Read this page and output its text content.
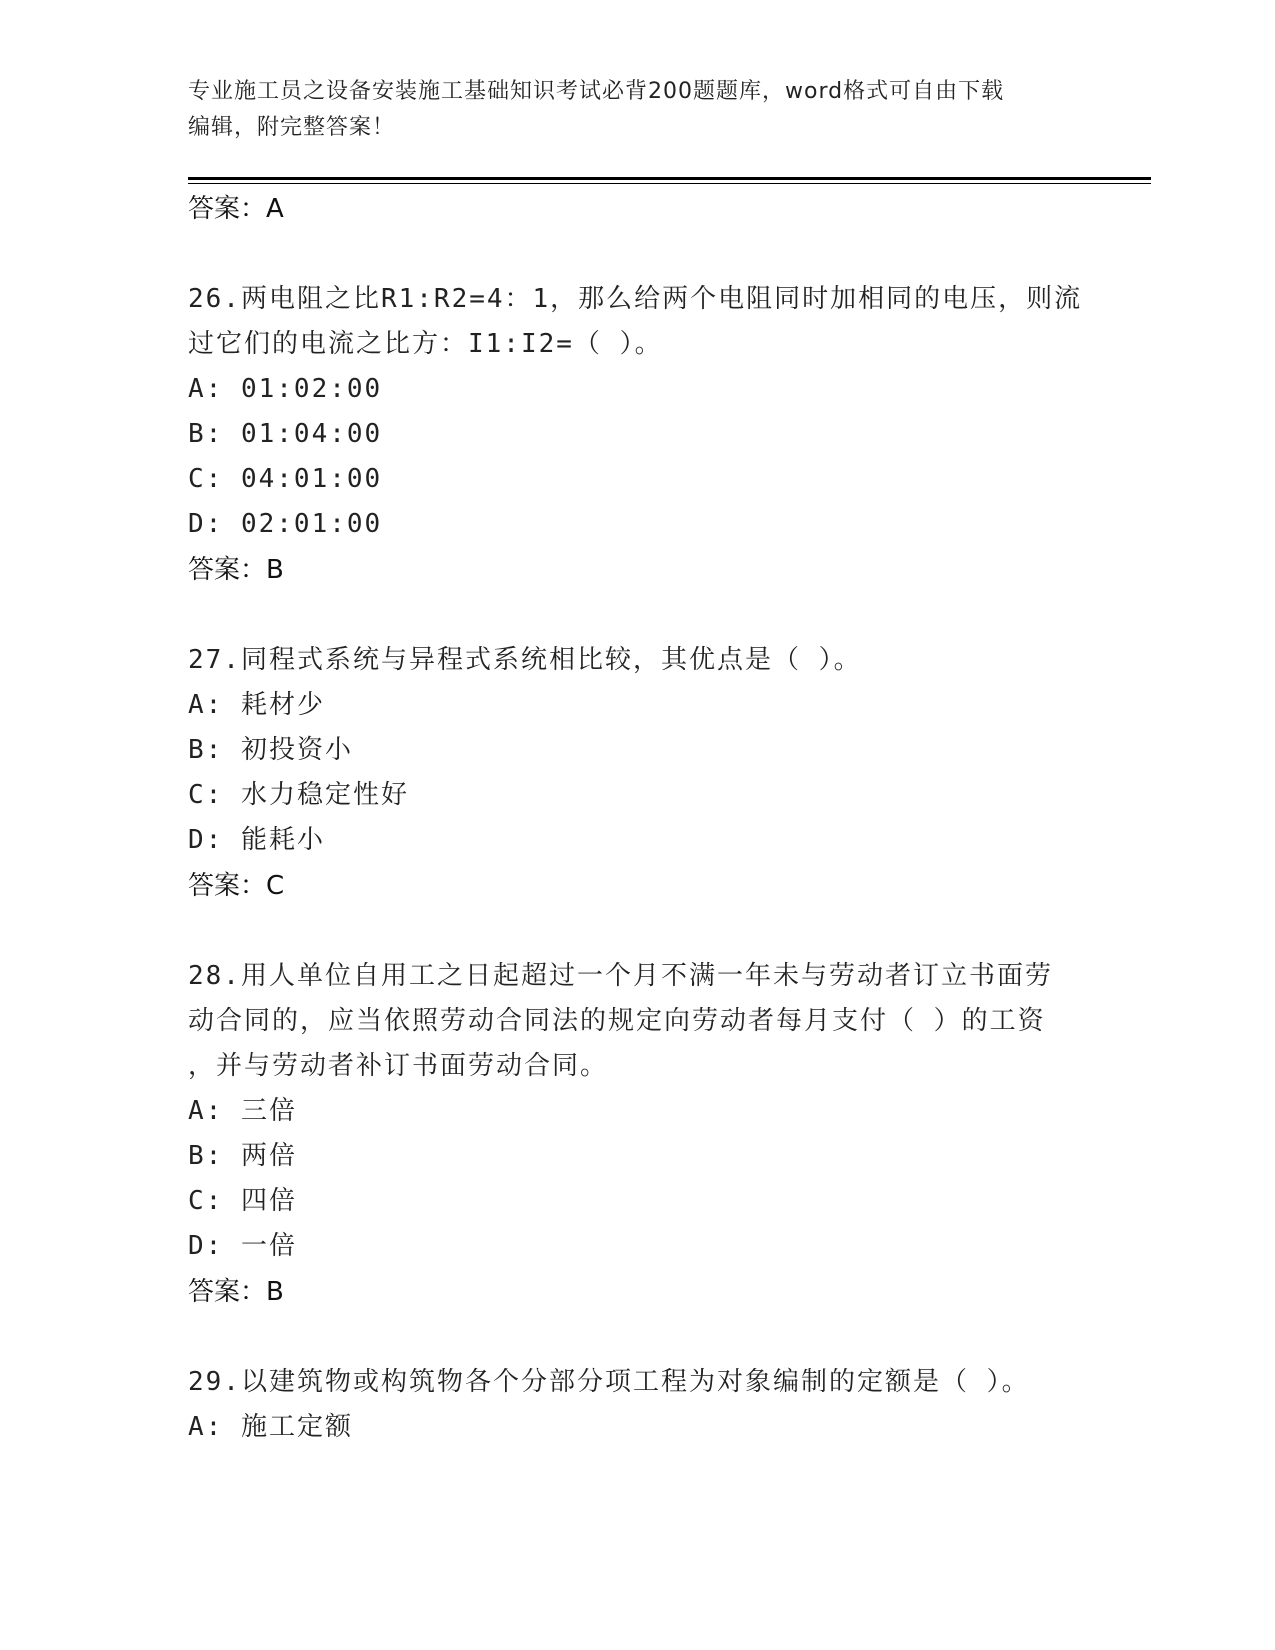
专业施工员之设备安装施工基础知识考试必背200题题库，word格式可自由下载
编辑，附完整答案！
答案：A
26.两电阻之比R1:R2=4：1，那么给两个电阻同时加相同的电压，则流
过它们的电流之比方：I1:I2=（ ）。
A: 01:02:00
B: 01:04:00
C: 04:01:00
D: 02:01:00
答案：B
27.同程式系统与异程式系统相比较，其优点是（ ）。
A: 耗材少
B: 初投资小
C: 水力稳定性好
D: 能耗小
答案：C
28.用人单位自用工之日起超过一个月不满一年未与劳动者订立书面劳
动合同的，应当依照劳动合同法的规定向劳动者每月支付（ ）的工资
，并与劳动者补订书面劳动合同。
A: 三倍
B: 两倍
C: 四倍
D: 一倍
答案：B
29.以建筑物或构筑物各个分部分项工程为对象编制的定额是（ ）。
A: 施工定额
